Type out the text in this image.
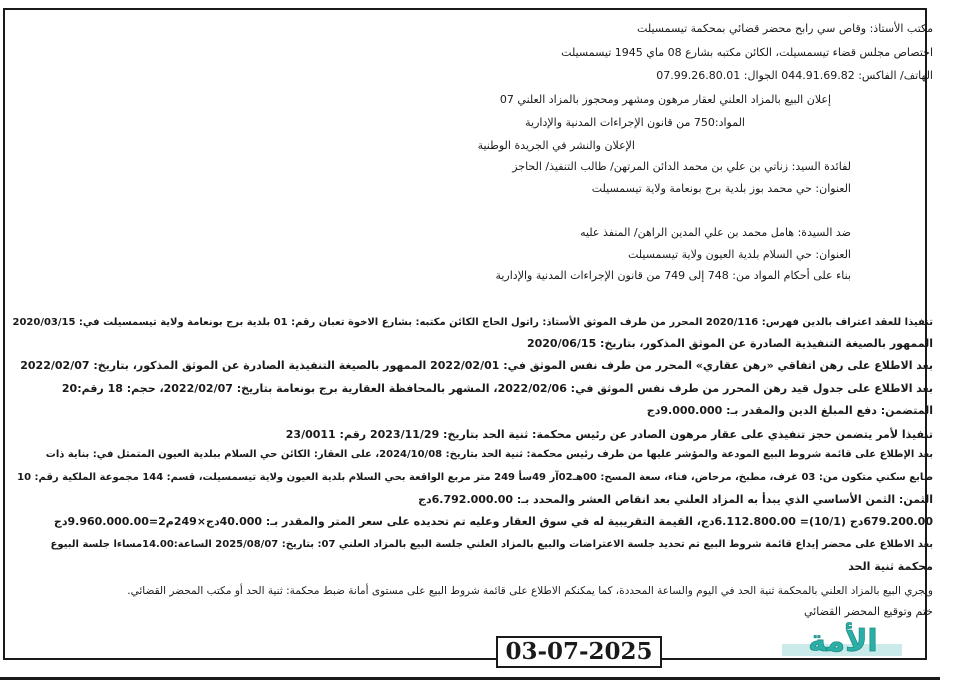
مكتب الأستاذ: وقاص سي رابح محضر قضائي بمحكمة تيسمسيلت
اختصاص مجلس قضاء تيسمسيلت، الكائن مكتبه بشارع 08 ماي 1945 تيسمسيلت
الهاتف/ الفاكس: 044.91.69.82 الجوال: 07.99.26.80.01
إعلان البيع بالمزاد العلني لعقار مرهون ومشهر ومحجوز بالمزاد العلني 07
المواد:750 من قانون الإجراءات المدنية والإدارية
الإعلان والنشر في الجريدة الوطنية
لفائدة السيد: زناتي بن علي بن محمد الدائن المرتهن/ طالب التنفيذ/ الحاجز
العنوان: حي محمد بوز بلدية برج بونعامة ولاية تيسمسيلت
ضد السيدة: هامل محمد بن علي المدين الراهن/ المنفذ عليه
العنوان: حي السلام بلدية العيون ولاية تيسمسيلت
بناء على أحكام المواد من: 748 إلى 749 من قانون الإجراءات المدنية والإدارية
تنفيذا للعقد اعتراف بالدين فهرس: 2020/116 المحرر من طرف الموثق الأستاذ: راتول الحاج الكائن مكتبه: بشارع الاخوة تعبان رقم: 01 بلدية برج بونعامة ولاية تيسمسيلت في: 2020/03/15
الممهور بالصيغة التنفيذية الصادرة عن الموثق المذكور، بتاريخ: 2020/06/15
بعد الاطلاع على رهن اتفاقي «رهن عقاري» المحرر من طرف نفس الموثق في: 2022/02/01 الممهور بالصيغة التنفيذية الصادرة عن الموثق المذكور، بتاريخ: 2022/02/07
بعد الاطلاع على جدول قيد رهن المحرر من طرف نفس الموثق في: 2022/02/06، المشهر بالمحافظة العقارية برج بونعامة بتاريخ: 2022/02/07، حجم: 18 رقم:20
المتضمن: دفع المبلغ الدين والمقدر بـ: 9.000.000دج
تنفيذا لأمر يتضمن حجز تنفيذي على عقار مرهون الصادر عن رئيس محكمة: ثنية الحد بتاريخ: 2023/11/29 رقم: 23/0011
بعد الإطلاع على قائمة شروط البيع المودعة والمؤشر عليها من طرف رئيس محكمة: ثنية الحد بتاريخ: 2024/10/08، على العقار: الكائن حي السلام ببلدية العيون المتمثل في: بناية ذات
طابع سكني متكون من: 03 غرف، مطبخ، مرحاض، فناء، سعة المسح: 00هـ02آر 49سأ 249 متر مربع الواقعة بحي السلام بلدية العيون ولاية تيسمسيلت، قسم: 144 مجموعة الملكية رقم: 10
الثمن: الثمن الأساسي الذي يبدأ به المزاد العلني بعد انقاص العشر والمحدد بـ: 6.792.000.00دج
679.200.00دج (10/1)= 6.112.800.00دج، القيمة التقريبية له في سوق العقار وعليه تم تحديده على سعر المتر والمقدر بـ: 40.000دج×249م2=9.960.000.00دج
بعد الاطلاع على محضر إيداع قائمة شروط البيع تم تحديد جلسة الاعتراضات والبيع بالمزاد العلني جلسة البيع بالمزاد العلني 07: بتاريخ: 2025/08/07 الساعة:14.00مساءا جلسة البيوع
محكمة ثنية الحد
ويجري البيع بالمزاد العلني بالمحكمة ثنية الحد في اليوم والساعة المحددة، كما يمكنكم الاطلاع على قائمة شروط البيع على مستوى أمانة ضبط محكمة: ثنية الحد أو مكتب المحضر القضائي.
ختم وتوقيع المحضر القضائي
03-07-2025	الأمة
